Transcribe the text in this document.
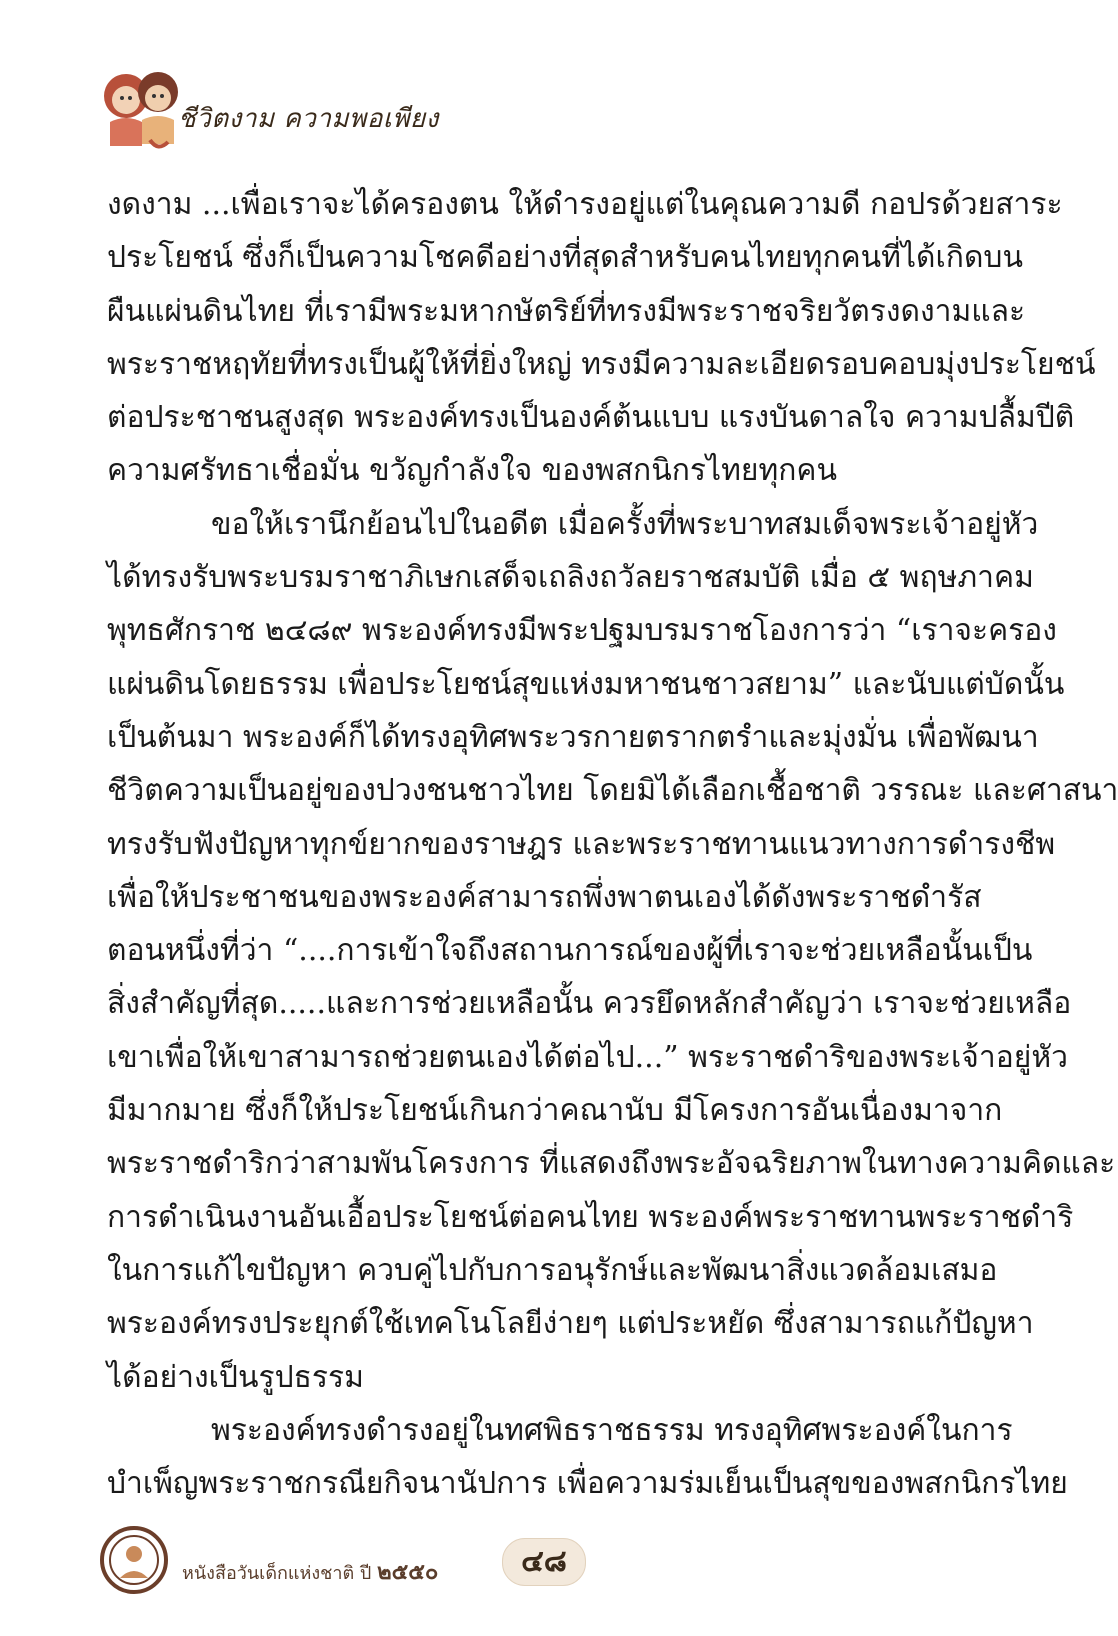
ชีวิตงาม ความพอเพียง
งดงาม ...เพื่อเราจะได้ครองตน ให้ดำรงอยู่แต่ในคุณความดี กอปรด้วยสาระ
ประโยชน์ ซึ่งก็เป็นความโชคดีอย่างที่สุดสำหรับคนไทยทุกคนที่ได้เกิดบน
ผืนแผ่นดินไทย ที่เรามีพระมหากษัตริย์ที่ทรงมีพระราชจริยวัตรงดงามและ
พระราชหฤทัยที่ทรงเป็นผู้ให้ที่ยิ่งใหญ่ ทรงมีความละเอียดรอบคอบมุ่งประโยชน์
ต่อประชาชนสูงสุด พระองค์ทรงเป็นองค์ต้นแบบ แรงบันดาลใจ ความปลื้มปีติ
ความศรัทธาเชื่อมั่น ขวัญกำลังใจ ของพสกนิกรไทยทุกคน
ขอให้เรานึกย้อนไปในอดีต เมื่อครั้งที่พระบาทสมเด็จพระเจ้าอยู่หัว
ได้ทรงรับพระบรมราชาภิเษกเสด็จเถลิงถวัลยราชสมบัติ เมื่อ ๕ พฤษภาคม
พุทธศักราช ๒๔๘๙ พระองค์ทรงมีพระปฐมบรมราชโองการว่า “เราจะครอง
แผ่นดินโดยธรรม เพื่อประโยชน์สุขแห่งมหาชนชาวสยาม” และนับแต่บัดนั้น
เป็นต้นมา พระองค์ก็ได้ทรงอุทิศพระวรกายตรากตรำและมุ่งมั่น เพื่อพัฒนา
ชีวิตความเป็นอยู่ของปวงชนชาวไทย โดยมิได้เลือกเชื้อชาติ วรรณะ และศาสนา
ทรงรับฟังปัญหาทุกข์ยากของราษฎร และพระราชทานแนวทางการดำรงชีพ
เพื่อให้ประชาชนของพระองค์สามารถพึ่งพาตนเองได้ดังพระราชดำรัส
ตอนหนึ่งที่ว่า “....การเข้าใจถึงสถานการณ์ของผู้ที่เราจะช่วยเหลือนั้นเป็น
สิ่งสำคัญที่สุด.....และการช่วยเหลือนั้น ควรยึดหลักสำคัญว่า เราจะช่วยเหลือ
เขาเพื่อให้เขาสามารถช่วยตนเองได้ต่อไป...” พระราชดำริของพระเจ้าอยู่หัว
มีมากมาย ซึ่งก็ให้ประโยชน์เกินกว่าคณานับ มีโครงการอันเนื่องมาจาก
พระราชดำริกว่าสามพันโครงการ ที่แสดงถึงพระอัจฉริยภาพในทางความคิดและ
การดำเนินงานอันเอื้อประโยชน์ต่อคนไทย พระองค์พระราชทานพระราชดำริ
ในการแก้ไขปัญหา ควบคู่ไปกับการอนุรักษ์และพัฒนาสิ่งแวดล้อมเสมอ
พระองค์ทรงประยุกต์ใช้เทคโนโลยีง่ายๆ แต่ประหยัด ซึ่งสามารถแก้ปัญหา
ได้อย่างเป็นรูปธรรม
พระองค์ทรงดำรงอยู่ในทศพิธราชธรรม ทรงอุทิศพระองค์ในการ
บำเพ็ญพระราชกรณียกิจนานัปการ เพื่อความร่มเย็นเป็นสุขของพสกนิกรไทย
หนังสือวันเด็กแห่งชาติ ปี ๒๕๕๐	๔๘
